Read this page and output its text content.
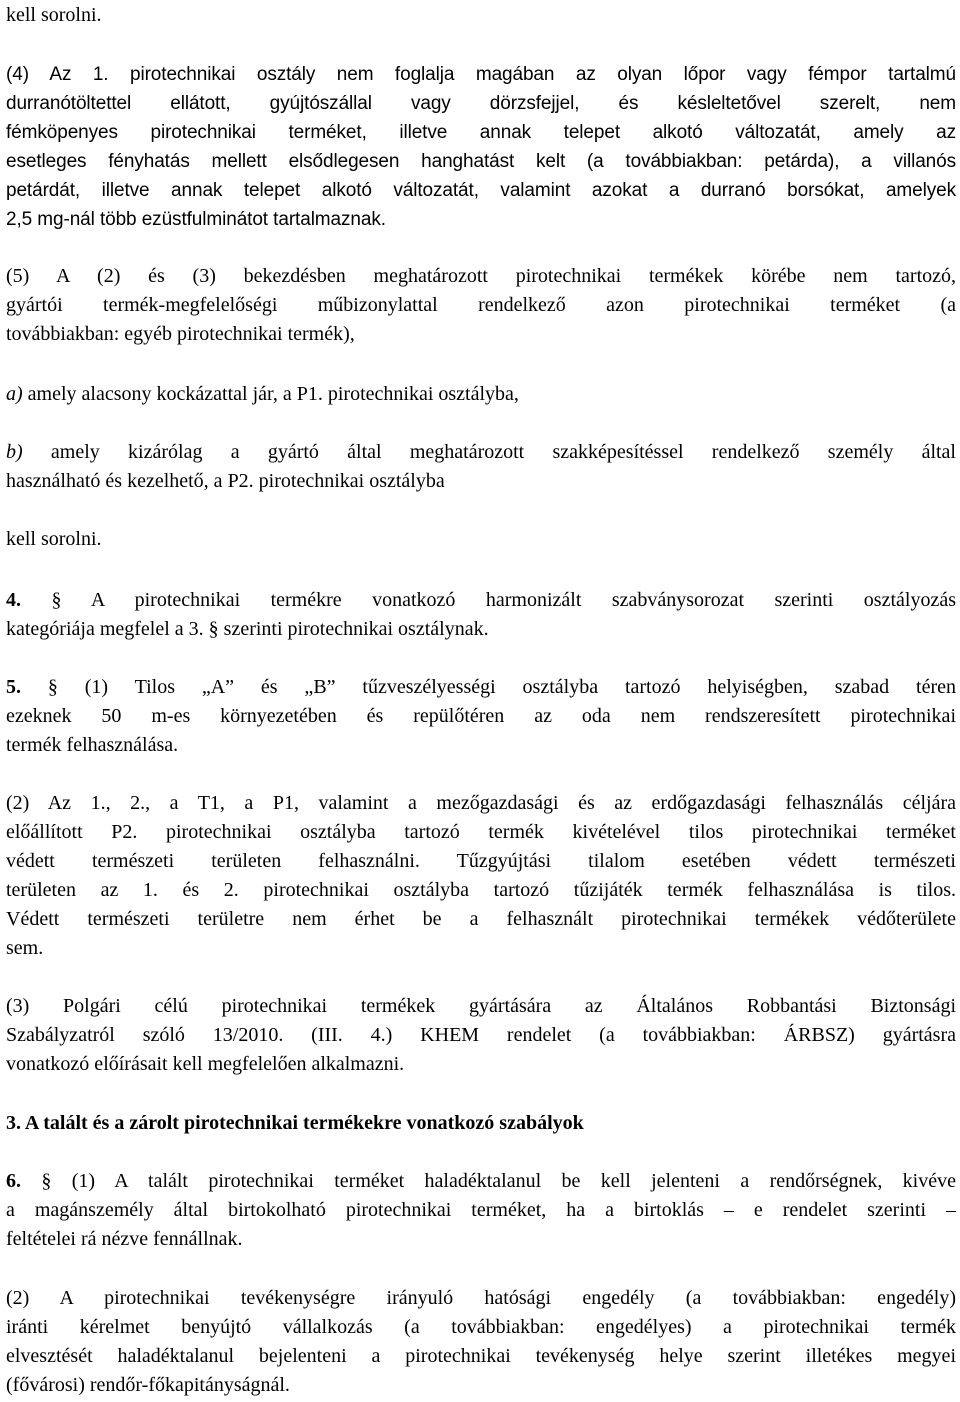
kell sorolni.

(4) Az 1. pirotechnikai osztály nem foglalja magában az olyan lőpor vagy fémpor tartalmú
durranótöltettel ellátott, gyújtószállal vagy dörzsfejjel, és késleltetővel szerelt, nem
fémköpenyes pirotechnikai terméket, illetve annak telepet alkotó változatát, amely az
esetleges fényhatás mellett elsődlegesen hanghatást kelt (a továbbiakban: petárda), a villanós
petárdát, illetve annak telepet alkotó változatát, valamint azokat a durranó borsókat, amelyek
2,5 mg-nál több ezüstfulminátot tartalmaznak.

(5) A (2) és (3) bekezdésben meghatározott pirotechnikai termékek körébe nem tartozó,
gyártói termék-megfelelőségi műbizonylattal rendelkező azon pirotechnikai terméket (a
továbbiakban: egyéb pirotechnikai termék),

a) amely alacsony kockázattal jár, a P1. pirotechnikai osztályba,

b) amely kizárólag a gyártó által meghatározott szakképesítéssel rendelkező személy által
használható és kezelhető, a P2. pirotechnikai osztályba

kell sorolni.

4. § A pirotechnikai termékre vonatkozó harmonizált szabványsorozat szerinti osztályozás
kategóriája megfelel a 3. § szerinti pirotechnikai osztálynak.

5. § (1) Tilos „A” és „B” tűzveszélyességi osztályba tartozó helyiségben, szabad téren
ezeknek 50 m-es környezetében és repülőtéren az oda nem rendszeresített pirotechnikai
termék felhasználása.

(2) Az 1., 2., a T1, a P1, valamint a mezőgazdasági és az erdőgazdasági felhasználás céljára
előállított P2. pirotechnikai osztályba tartozó termék kivételével tilos pirotechnikai terméket
védett természeti területen felhasználni. Tűzgyújtási tilalom esetében védett természeti
területen az 1. és 2. pirotechnikai osztályba tartozó tűzijáték termék felhasználása is tilos.
Védett természeti területre nem érhet be a felhasznált pirotechnikai termékek védőterülete
sem.

(3) Polgári célú pirotechnikai termékek gyártására az Általános Robbantási Biztonsági
Szabályzatról szóló 13/2010. (III. 4.) KHEM rendelet (a továbbiakban: ÁRBSZ) gyártásra
vonatkozó előírásait kell megfelelően alkalmazni.

3. A talált és a zárolt pirotechnikai termékekre vonatkozó szabályok

6. § (1) A talált pirotechnikai terméket haladéktalanul be kell jelenteni a rendőrségnek, kivéve
a magánszemély által birtokolható pirotechnikai terméket, ha a birtoklás – e rendelet szerinti –
feltételei rá nézve fennállnak.

(2) A pirotechnikai tevékenységre irányuló hatósági engedély (a továbbiakban: engedély)
iránti kérelmet benyújtó vállalkozás (a továbbiakban: engedélyes) a pirotechnikai termék
elvesztését haladéktalanul bejelenteni a pirotechnikai tevékenység helye szerint illetékes megyei
(fővárosi) rendőr-főkapitányságnál.
